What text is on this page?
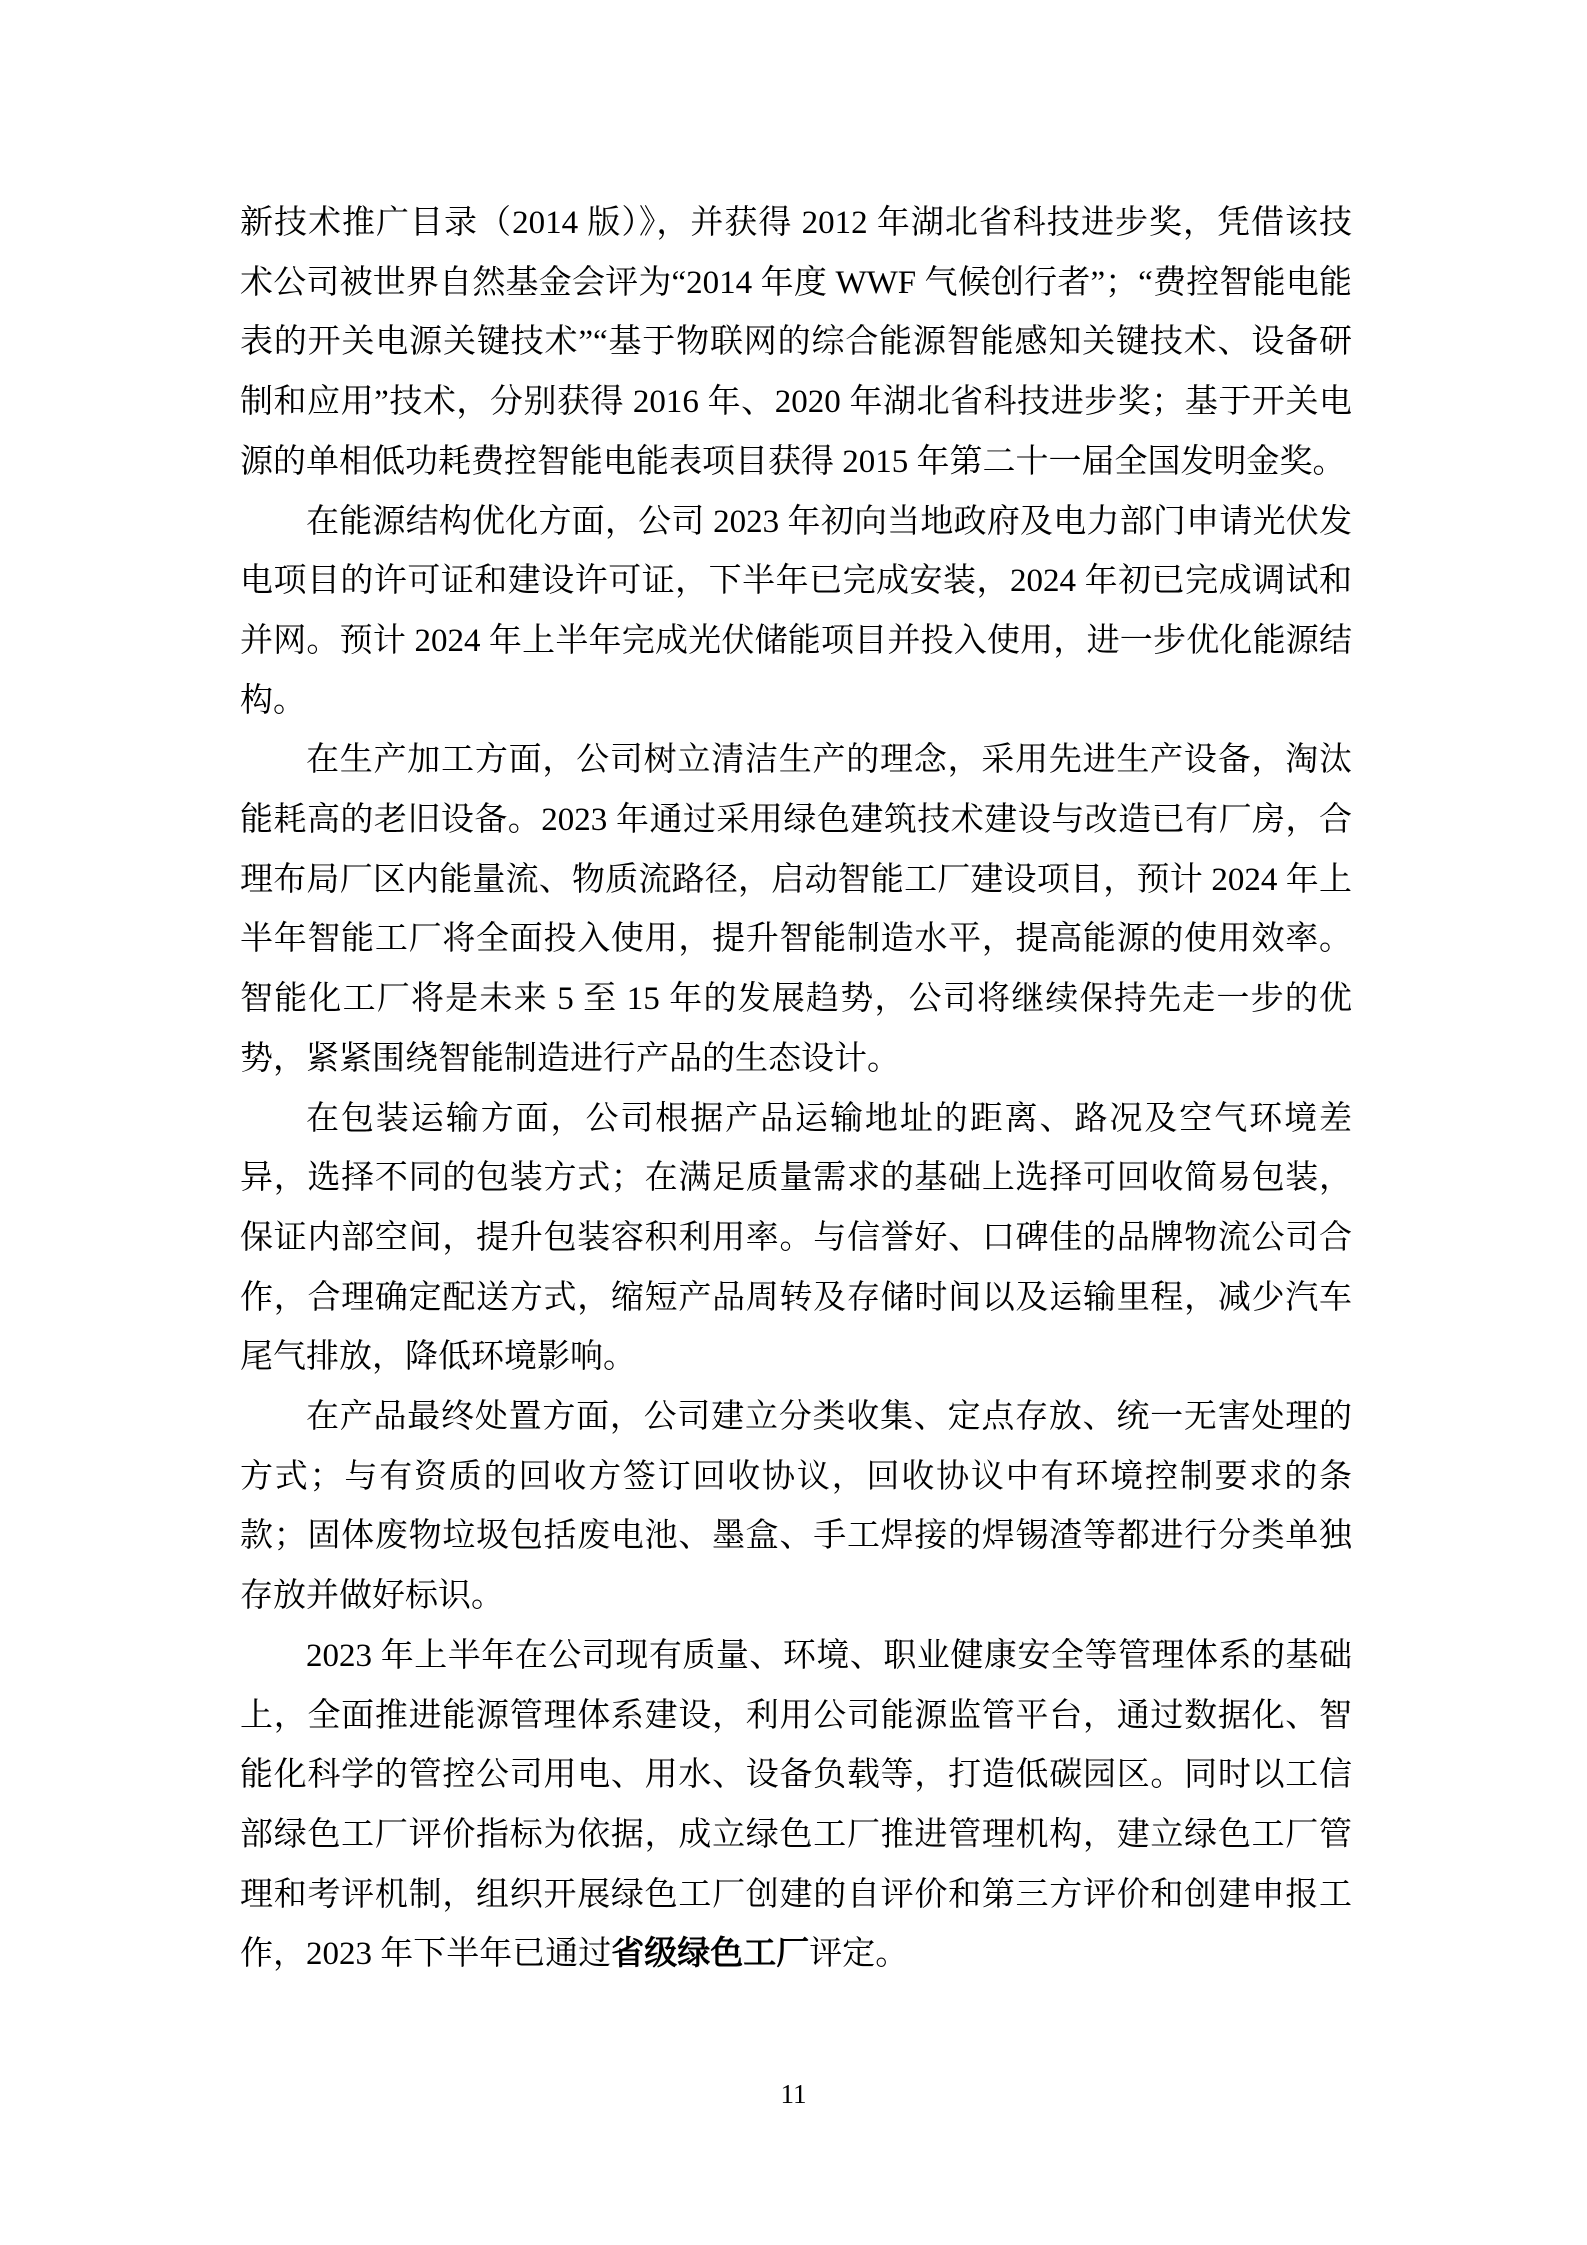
新技术推广目录（2014 版）》，并获得 2012 年湖北省科技进步奖，凭借该技术公司被世界自然基金会评为“2014 年度 WWF 气候创行者”；“费控智能电能表的开关电源关键技术”“基于物联网的综合能源智能感知关键技术、设备研制和应用”技术，分别获得 2016 年、2020 年湖北省科技进步奖；基于开关电源的单相低功耗费控智能电能表项目获得 2015 年第二十一届全国发明金奖。

在能源结构优化方面，公司 2023 年初向当地政府及电力部门申请光伏发电项目的许可证和建设许可证，下半年已完成安装，2024 年初已完成调试和并网。预计 2024 年上半年完成光伏储能项目并投入使用，进一步优化能源结构。

在生产加工方面，公司树立清洁生产的理念，采用先进生产设备，淘汰能耗高的老旧设备。2023 年通过采用绿色建筑技术建设与改造已有厂房，合理布局厂区内能量流、物质流路径，启动智能工厂建设项目，预计 2024 年上半年智能工厂将全面投入使用，提升智能制造水平，提高能源的使用效率。智能化工厂将是未来 5 至 15 年的发展趋势，公司将继续保持先走一步的优势，紧紧围绕智能制造进行产品的生态设计。

在包装运输方面，公司根据产品运输地址的距离、路况及空气环境差异，选择不同的包装方式；在满足质量需求的基础上选择可回收简易包装，保证内部空间，提升包装容积利用率。与信誉好、口碑佳的品牌物流公司合作，合理确定配送方式，缩短产品周转及存储时间以及运输里程，减少汽车尾气排放，降低环境影响。

在产品最终处置方面，公司建立分类收集、定点存放、统一无害处理的方式；与有资质的回收方签订回收协议，回收协议中有环境控制要求的条款；固体废物垃圾包括废电池、墨盒、手工焊接的焊锡渣等都进行分类单独存放并做好标识。

2023 年上半年在公司现有质量、环境、职业健康安全等管理体系的基础上，全面推进能源管理体系建设，利用公司能源监管平台，通过数据化、智能化科学的管控公司用电、用水、设备负载等，打造低碳园区。同时以工信部绿色工厂评价指标为依据，成立绿色工厂推进管理机构，建立绿色工厂管理和考评机制，组织开展绿色工厂创建的自评价和第三方评价和创建申报工作，2023 年下半年已通过省级绿色工厂评定。

11
